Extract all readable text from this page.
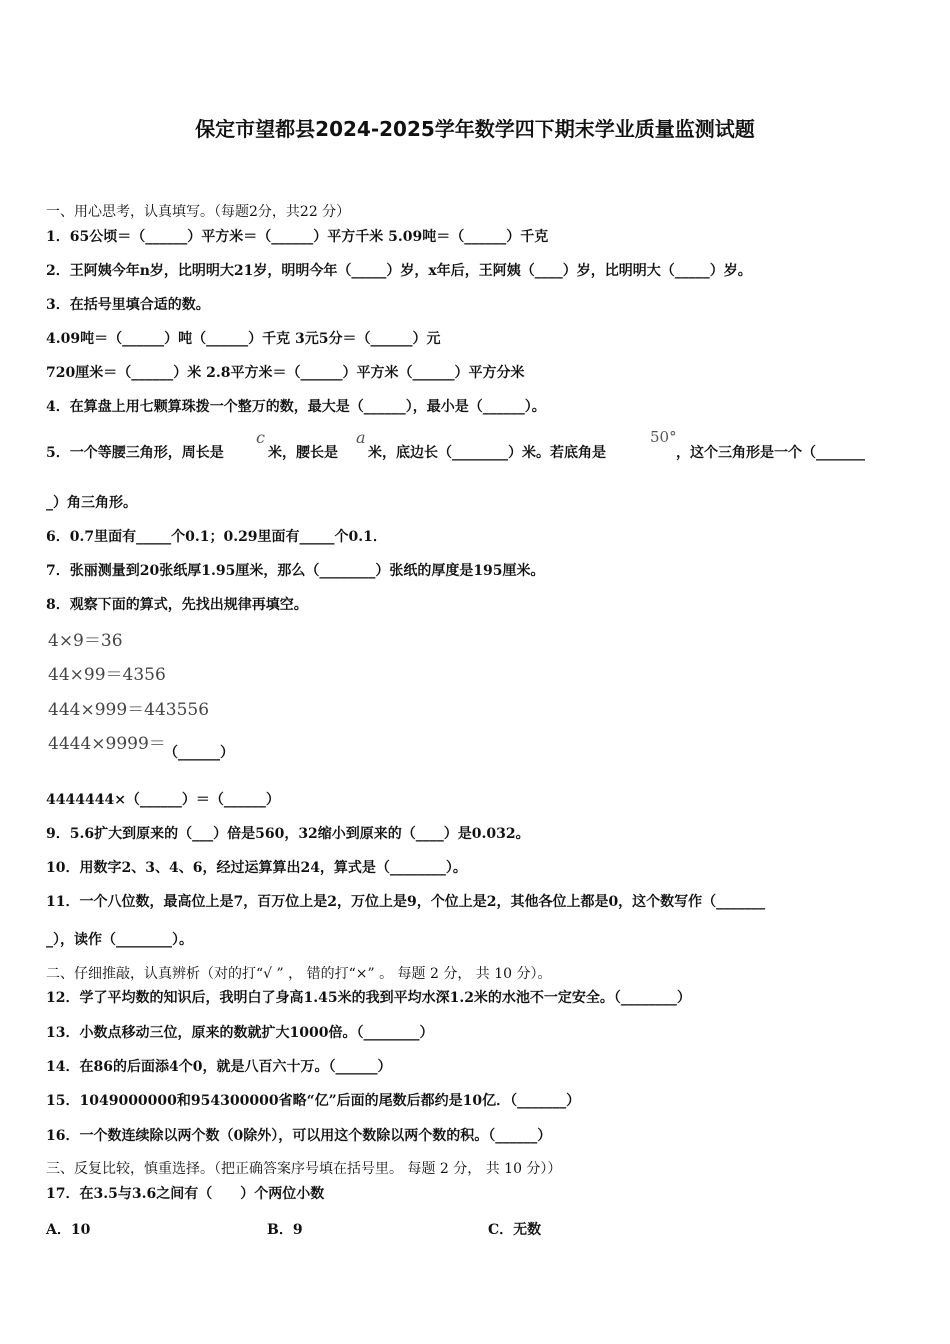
保定市望都县2024-2025学年数学四下期末学业质量监测试题
一、用心思考，认真填写。（每题2分，共22 分）
1．65公顷＝（______）平方米＝（______）平方千米 5.09吨＝（______）千克
2．王阿姨今年n岁，比明明大21岁，明明今年（_____）岁，x年后，王阿姨（____）岁，比明明大（_____）岁。
3．在括号里填合适的数。
4.09吨＝（______）吨（______）千克 3元5分＝（______）元
720厘米＝（______）米 2.8平方米＝（______）平方米（______）平方分米
4．在算盘上用七颗算珠拨一个整万的数，最大是（______），最小是（______）。
5．一个等腰三角形，周长是
c
米，腰长是
a
米，底边长（________）米。若底角是
50°
，这个三角形是一个（_______
_）角三角形。
6．0.7里面有_____个0.1；0.29里面有_____个0.1．
7．张丽测量到20张纸厚1.95厘米，那么（________）张纸的厚度是195厘米。
8．观察下面的算式，先找出规律再填空。
4×9＝36
44×99＝4356
444×999＝443556
4444×9999＝
（______）
4444444×（______）＝（______）
9．5.6扩大到原来的（___）倍是560，32缩小到原来的（____）是0.032。
10．用数字2、3、4、6，经过运算算出24，算式是（________）。
11．一个八位数，最高位上是7，百万位上是2，万位上是9，个位上是2，其他各位上都是0，这个数写作（_______
_），读作（________）。
二、仔细推敲，认真辨析（对的打“√ ” ， 错的打“×” 。 每题 2 分， 共 10 分）。
12．学了平均数的知识后，我明白了身高1.45米的我到平均水深1.2米的水池不一定安全。（________）
13．小数点移动三位，原来的数就扩大1000倍。（________）
14．在86的后面添4个0，就是八百六十万。（______）
15．1049000000和954300000省略“亿”后面的尾数后都约是10亿．（_______）
16．一个数连续除以两个数（0除外），可以用这个数除以两个数的积。（______）
三、反复比较，慎重选择。（把正确答案序号填在括号里。 每题 2 分， 共 10 分））
17．在3.5与3.6之间有（　　）个两位小数
A．10	B．9	C．无数
